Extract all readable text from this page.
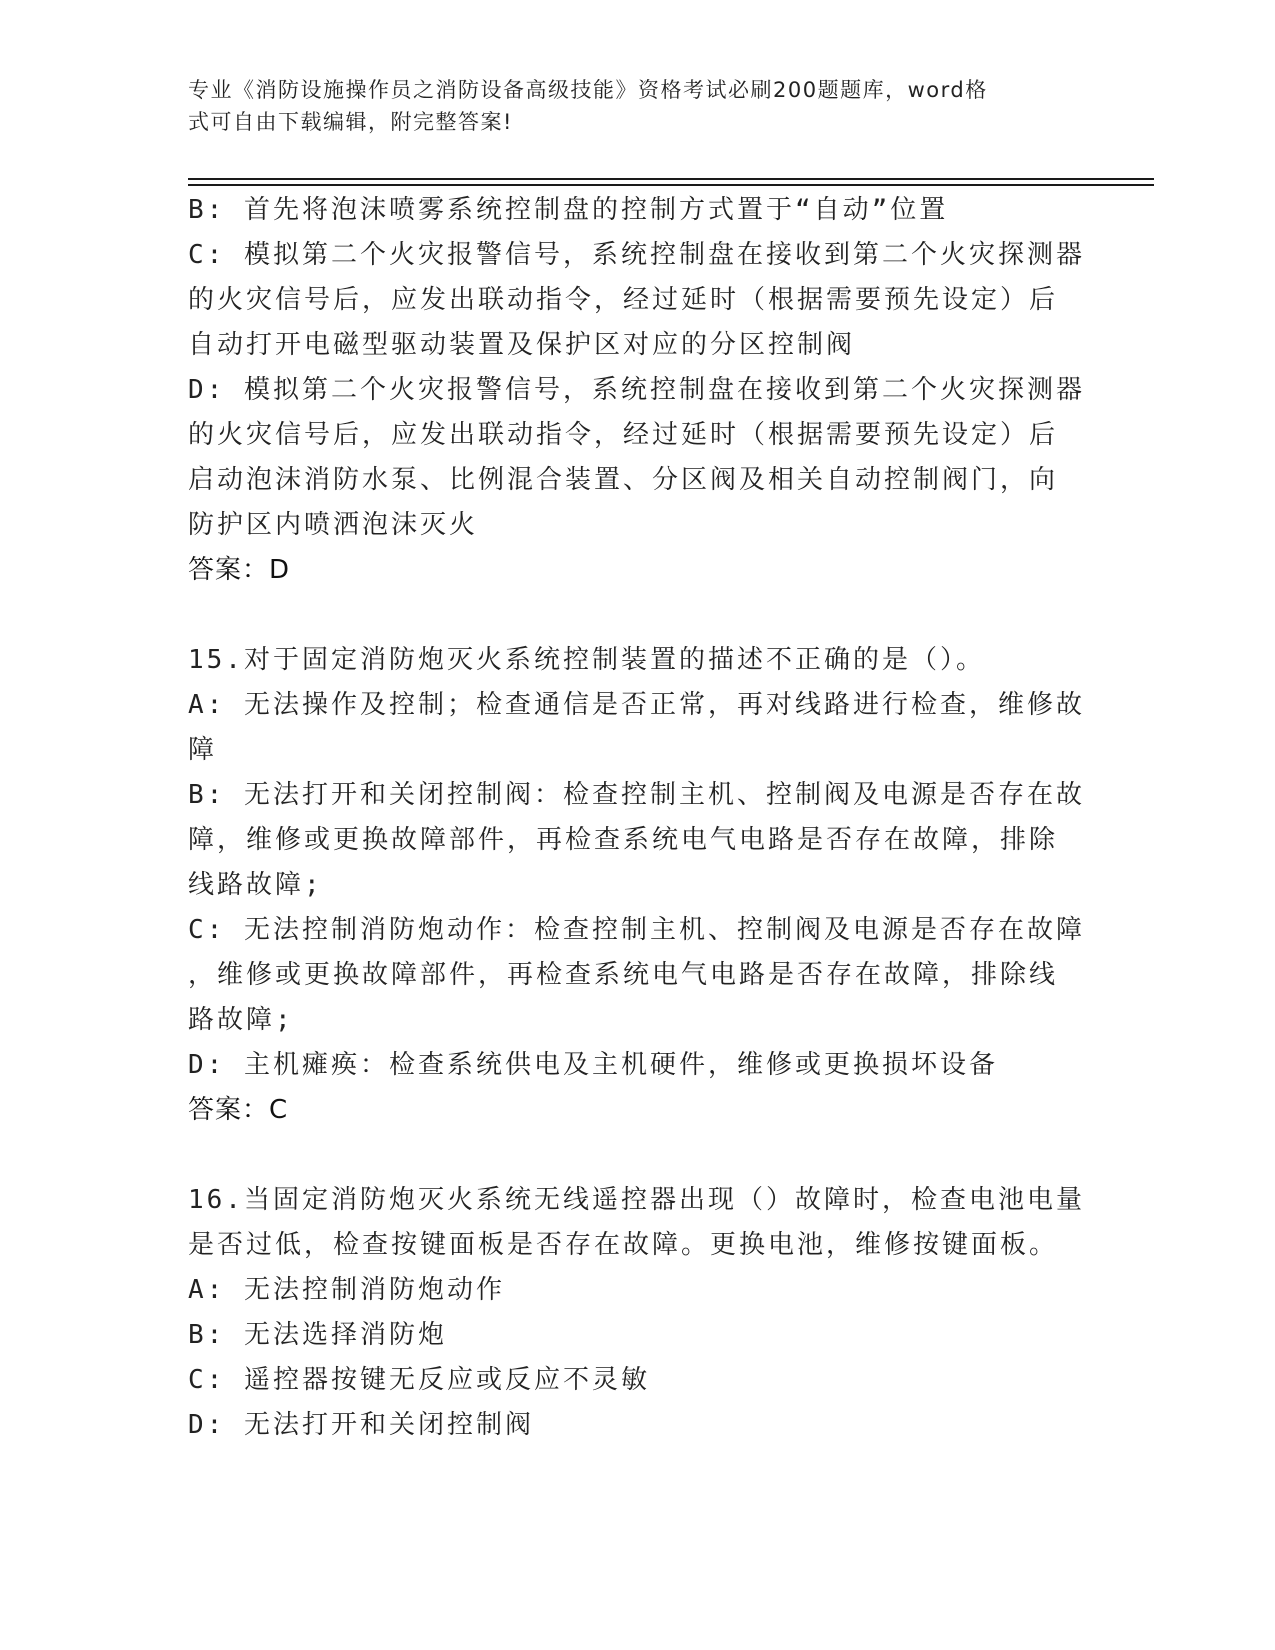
专业《消防设施操作员之消防设备高级技能》资格考试必刷200题题库，word格
式可自由下载编辑，附完整答案!
B: 首先将泡沫喷雾系统控制盘的控制方式置于“自动”位置
C: 模拟第二个火灾报警信号，系统控制盘在接收到第二个火灾探测器
的火灾信号后，应发出联动指令，经过延时（根据需要预先设定）后
自动打开电磁型驱动装置及保护区对应的分区控制阀
D: 模拟第二个火灾报警信号，系统控制盘在接收到第二个火灾探测器
的火灾信号后，应发出联动指令，经过延时（根据需要预先设定）后
启动泡沫消防水泵、比例混合装置、分区阀及相关自动控制阀门，向
防护区内喷洒泡沫灭火
答案：D
15.对于固定消防炮灭火系统控制装置的描述不正确的是（）。
A: 无法操作及控制；检查通信是否正常，再对线路进行检查，维修故
障
B: 无法打开和关闭控制阀：检查控制主机、控制阀及电源是否存在故
障，维修或更换故障部件，再检查系统电气电路是否存在故障，排除
线路故障;
C: 无法控制消防炮动作：检查控制主机、控制阀及电源是否存在故障
，维修或更换故障部件，再检查系统电气电路是否存在故障，排除线
路故障;
D: 主机瘫痪：检查系统供电及主机硬件，维修或更换损坏设备
答案：C
16.当固定消防炮灭火系统无线遥控器出现（）故障时，检查电池电量
是否过低，检查按键面板是否存在故障。更换电池，维修按键面板。
A: 无法控制消防炮动作
B: 无法选择消防炮
C: 遥控器按键无反应或反应不灵敏
D: 无法打开和关闭控制阀
